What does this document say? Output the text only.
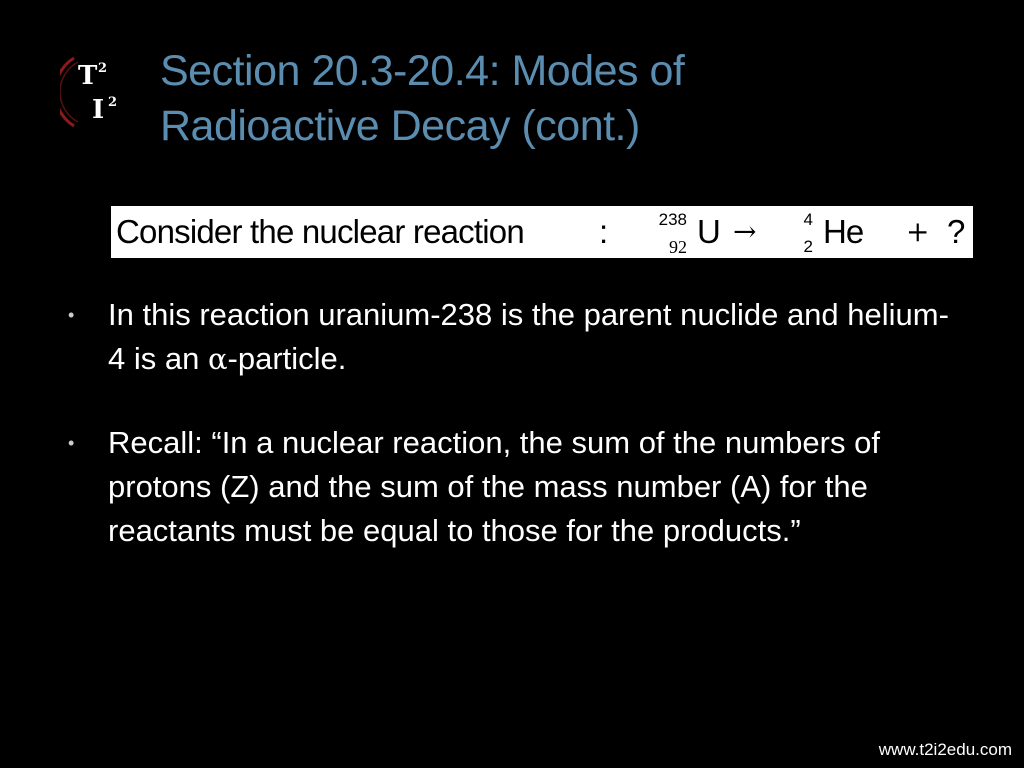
T 2
I 2
Section 20.3-20.4: Modes of
Radioactive Decay (cont.)
Consider the nuclear reaction :	238
92 U →	4
2 He + ?
• In this reaction uranium-238 is the parent nuclide and helium-4 is an α-particle.
• Recall: “In a nuclear reaction, the sum of the numbers of protons (Z) and the sum of the mass number (A) for the reactants must be equal to those for the products.”
www.t2i2edu.com
